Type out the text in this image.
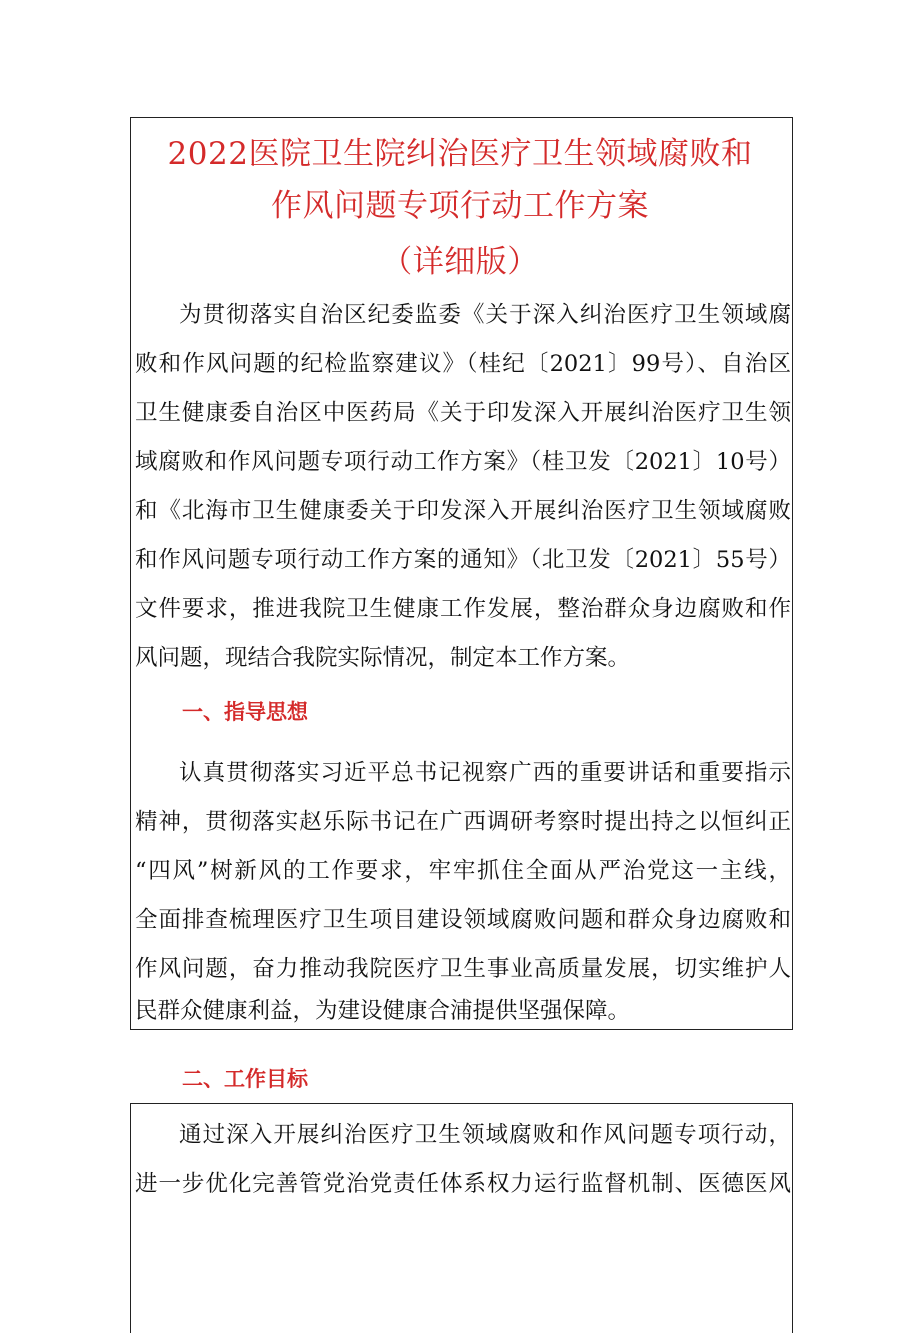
2022医院卫生院纠治医疗卫生领域腐败和
作风问题专项行动工作方案
（详细版）
为贯彻落实自治区纪委监委《关于深入纠治医疗卫生领域腐
败和作风问题的纪检监察建议》（桂纪〔2021〕99号）、自治区
卫生健康委自治区中医药局《关于印发深入开展纠治医疗卫生领
域腐败和作风问题专项行动工作方案》（桂卫发〔2021〕10号）
和《北海市卫生健康委关于印发深入开展纠治医疗卫生领域腐败
和作风问题专项行动工作方案的通知》（北卫发〔2021〕55号）
文件要求，推进我院卫生健康工作发展，整治群众身边腐败和作
风问题，现结合我院实际情况，制定本工作方案。
一、指导思想
认真贯彻落实习近平总书记视察广西的重要讲话和重要指示
精神，贯彻落实赵乐际书记在广西调研考察时提出持之以恒纠正
“四风”树新风的工作要求，牢牢抓住全面从严治党这一主线，
全面排查梳理医疗卫生项目建设领域腐败问题和群众身边腐败和
作风问题，奋力推动我院医疗卫生事业高质量发展，切实维护人
民群众健康利益，为建设健康合浦提供坚强保障。
二、工作目标
通过深入开展纠治医疗卫生领域腐败和作风问题专项行动，
进一步优化完善管党治党责任体系权力运行监督机制、医德医风
